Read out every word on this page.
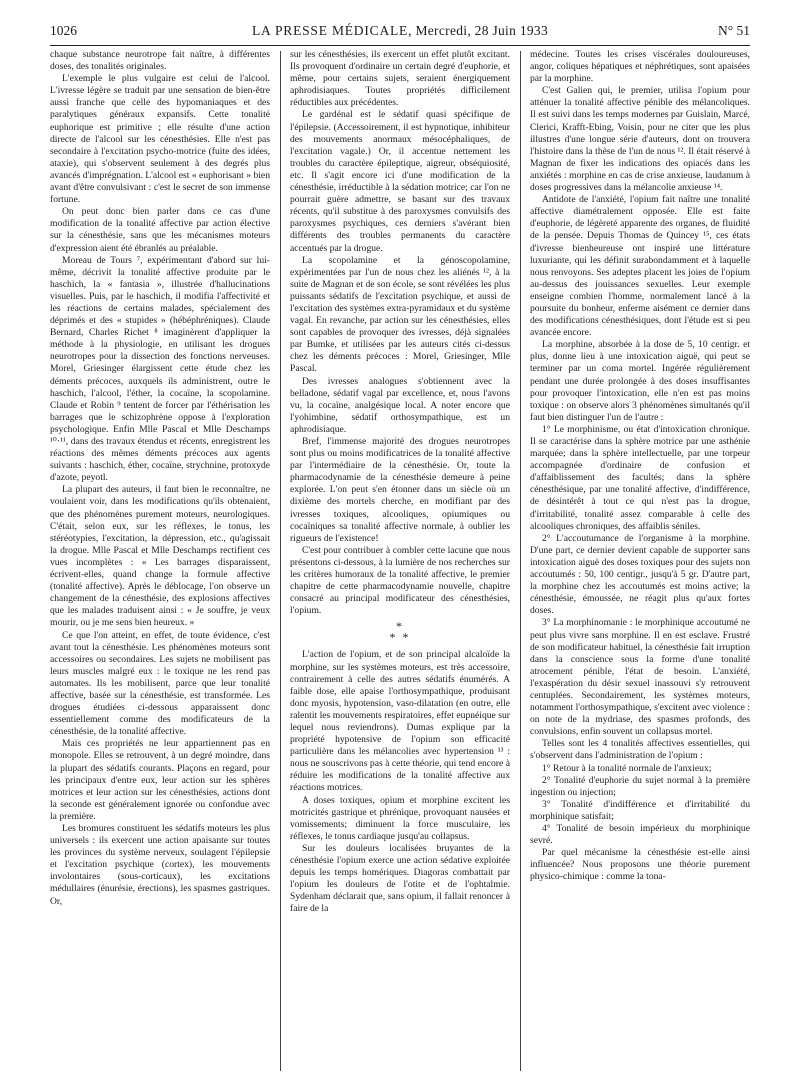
1026	LA PRESSE MÉDICALE, Mercredi, 28 Juin 1933	N° 51

chaque substance neurotrope fait naître, à différentes doses, des tonalités originales.

L'exemple le plus vulgaire est celui de l'alcool. L'ivresse légère se traduit par une sensation de bien-être aussi franche que celle des hypomaniaques et des paralytiques généraux expansifs. Cette tonalité euphorique est primitive ; elle résulte d'une action directe de l'alcool sur les cénesthésies. Elle n'est pas secondaire à l'excitation psycho-motrice (fuite des idées, ataxie), qui s'observent seulement à des degrés plus avancés d'imprégnation. L'alcool est « euphorisant » bien avant d'être convulsivant : c'est le secret de son immense fortune.

On peut donc bien parler dans ce cas d'une modification de la tonalité affective par action élective sur la cénesthésie, sans que les mécanismes moteurs d'expression aient été ébranlés au préalable.

Moreau de Tours ⁷, expérimentant d'abord sur lui-même, décrivit la tonalité affective produite par le haschich, la « fantasia », illustrée d'hallucinations visuelles. Puis, par le haschich, il modifia l'affectivité et les réactions de certains malades, spécialement des déprimés et des « stupides » (hébéphréniques). Claude Bernard, Charles Richet ⁸ imaginèrent d'appliquer la méthode à la physiologie, en utilisant les drogues neurotropes pour la dissection des fonctions nerveuses. Morel, Griesinger élargissent cette étude chez les déments précoces, auxquels ils administrent, outre le haschich, l'alcool, l'éther, la cocaïne, la scopolamine. Claude et Robin ⁹ tentent de forcer par l'éthérisation les barrages que le schizophrène oppose à l'exploration psychologique. Enfin Mlle Pascal et Mlle Deschamps ¹⁰⋅¹¹, dans des travaux étendus et récents, enregistrent les réactions des mêmes déments précoces aux agents suivants : haschich, éther, cocaïne, strychnine, protoxyde d'azote, peyotl.

La plupart des auteurs, il faut bien le reconnaître, ne voulaient voir, dans les modifications qu'ils obtenaient, que des phénomènes purement moteurs, neurologiques. C'était, selon eux, sur les réflexes, le tonus, les stéréotypies, l'excitation, la dépression, etc., qu'agissait la drogue. Mlle Pascal et Mlle Deschamps rectifient ces vues incomplètes : « Les barrages disparaissent, écrivent-elles, quand change la formule affective (tonalité affective). Après le déblocage, l'on observe un changement de la cénesthésie, des explosions affectives que les malades traduisent ainsi : « Je souffre, je veux mourir, ou je me sens bien heureux. »

Ce que l'on atteint, en effet, de toute évidence, c'est avant tout la cénesthésie. Les phénomènes moteurs sont accessoires ou secondaires. Les sujets ne mobilisent pas leurs muscles malgré eux : le toxique ne les rend pas automates. Ils les mobilisent, parce que leur tonalité affective, basée sur la cénesthésie, est transformée. Les drogues étudiées ci-dessous apparaissent donc essentiellement comme des modificateurs de la cénesthésie, de la tonalité affective.

Mais ces propriétés ne leur appartiennent pas en monopole. Elles se retrouvent, à un degré moindre, dans la plupart des sédatifs courants. Plaçons en regard, pour les principaux d'entre eux, leur action sur les sphères motrices et leur action sur les cénesthésies, actions dont la seconde est généralement ignorée ou confondue avec la première.

Les bromures constituent les sédatifs moteurs les plus universels : ils exercent une action apaisante sur toutes les provinces du système nerveux, soulagent l'épilepsie et l'excitation psychique (cortex), les mouvements involontaires (sous-corticaux), les excitations médullaires (énurésie, érections), les spasmes gastriques. Or,

sur les cénesthésies, ils exercent un effet plutôt excitant. Ils provoquent d'ordinaire un certain degré d'euphorie, et même, pour certains sujets, seraient énergiquement aphrodisiaques. Toutes propriétés difficilement réductibles aux précédentes.

Le gardénal est le sédatif quasi spécifique de l'épilepsie. (Accessoirement, il est hypnotique, inhibiteur des mouvements anormaux mésocéphaliques, de l'excitation vagale.) Or, il accentue nettement les troubles du caractère épileptique, aigreur, obséquiosité, etc. Il s'agit encore ici d'une modification de la cénesthésie, irréductible à la sédation motrice; car l'on ne pourrait guère admettre, se basant sur des travaux récents, qu'il substitue à des paroxysmes convulsifs des paroxysmes psychiques, ces derniers s'avérant bien différents des troubles permanents du caractère accentués par la drogue.

La scopolamine et la génoscopolamine, expérimentées par l'un de nous chez les aliénés ¹², à la suite de Magnan et de son école, se sont révélées les plus puissants sédatifs de l'excitation psychique, et aussi de l'excitation des systèmes extra-pyramidaux et du système vagal. En revanche, par action sur les cénesthésies, elles sont capables de provoquer des ivresses, déjà signalées par Bumke, et utilisées par les auteurs cités ci-dessus chez les déments précoces : Morel, Griesinger, Mlle Pascal.

Des ivresses analogues s'obtiennent avec la belladone, sédatif vagal par excellence, et, nous l'avons vu, la cocaïne, analgésique local. A noter encore que l'yohimbine, sédatif orthosympathique, est un aphrodisiaque.

Bref, l'immense majorité des drogues neurotropes sont plus ou moins modificatrices de la tonalité affective par l'intermédiaire de la cénesthésie. Or, toute la pharmacodynamie de la cénesthésie demeure à peine explorée. L'on peut s'en étonner dans un siècle où un dixième des mortels cherche, en modifiant par des ivresses toxiques, alcooliques, opiumiques ou cocaïniques sa tonalité affective normale, à oublier les rigueurs de l'existence!

C'est pour contribuer à combler cette lacune que nous présentons ci-dessous, à la lumière de nos recherches sur les critères humoraux de la tonalité affective, le premier chapitre de cette pharmacodynamie nouvelle, chapitre consacré au principal modificateur des cénesthésies, l'opium.

*
* *

L'action de l'opium, et de son principal alcaloïde la morphine, sur les systèmes moteurs, est très accessoire, contrairement à celle des autres sédatifs énumérés. A faible dose, elle apaise l'orthosympathique, produisant donc myosis, hypotension, vaso-dilatation (en outre, elle ralentit les mouvements respiratoires, effet eupnéique sur lequel nous reviendrons). Dumas explique par la propriété hypotensive de l'opium son efficacité particulière dans les mélancolies avec hypertension ¹³ : nous ne souscrivons pas à cette théorie, qui tend encore à réduire les modifications de la tonalité affective aux réactions motrices.

A doses toxiques, opium et morphine excitent les motricités gastrique et phrénique, provoquant nausées et vomissements; diminuent la force musculaire, les réflexes, le tonus cardiaque jusqu'au collapsus.

Sur les douleurs localisées bruyantes de la cénesthésie l'opium exerce une action sédative exploitée depuis les temps homériques. Diagoras combattait par l'opium les douleurs de l'otite et de l'ophtalmie. Sydenham déclarait que, sans opium, il fallait renoncer à faire de la

médecine. Toutes les crises viscérales douloureuses, angor, coliques hépatiques et néphrétiques, sont apaisées par la morphine.

C'est Galien qui, le premier, utilisa l'opium pour atténuer la tonalité affective pénible des mélancoliques. Il est suivi dans les temps modernes par Guislain, Marcé, Clerici, Krafft-Ebing, Voisin, pour ne citer que les plus illustres d'une longue série d'auteurs, dont on trouvera l'histoire dans la thèse de l'un de nous ¹². Il était réservé à Magnan de fixer les indications des opiacés dans les anxiétés : morphine en cas de crise anxieuse, laudanum à doses progressives dans la mélancolie anxieuse ¹⁴.

Antidote de l'anxiété, l'opium fait naître une tonalité affective diamétralement opposée. Elle est faite d'euphorie, de légèreté apparente des organes, de fluidité de la pensée. Depuis Thomas de Quincey ¹⁵, ces états d'ivresse bienheureuse ont inspiré une littérature luxuriante, qui les définit surabondamment et à laquelle nous renvoyons. Ses adeptes placent les joies de l'opium au-dessus des jouissances sexuelles. Leur exemple enseigne combien l'homme, normalement lancé à la poursuite du bonheur, enferme aisément ce dernier dans des modifications cénesthésiques, dont l'étude est si peu avancée encore.

La morphine, absorbée à la dose de 5, 10 centigr. et plus, donne lieu à une intoxication aiguë, qui peut se terminer par un coma mortel. Ingérée régulièrement pendant une durée prolongée à des doses insuffisantes pour provoquer l'intoxication, elle n'en est pas moins toxique : on observe alors 3 phénomènes simultanés qu'il faut bien distinguer l'un de l'autre :

1° Le morphinisme, ou état d'intoxication chronique. Il se caractérise dans la sphère motrice par une asthénie marquée; dans la sphère intellectuelle, par une torpeur accompagnée d'ordinaire de confusion et d'affaiblissement des facultés; dans la sphère cénesthésique, par une tonalité affective, d'indifférence, de désintérêt à tout ce qui n'est pas la drogue, d'irritabilité, tonalité assez comparable à celle des alcooliques chroniques, des affaiblis séniles.

2° L'accoutumance de l'organisme à la morphine. D'une part, ce dernier devient capable de supporter sans intoxication aiguë des doses toxiques pour des sujets non accoutumés : 50, 100 centigr., jusqu'à 5 gr. D'autre part, la morphine chez les accoutumés est moins active; la cénesthésie, émoussée, ne réagit plus qu'aux fortes doses.

3° La morphinomanie : le morphinique accoutumé ne peut plus vivre sans morphine. Il en est esclave. Frustré de son modificateur habituel, la cénesthésie fait irruption dans la conscience sous la forme d'une tonalité atrocement pénible, l'état de besoin. L'anxiété, l'exaspération du désir sexuel inassouvi s'y retrouvent centuplées. Secondairement, les systèmes moteurs, notamment l'orthosympathique, s'excitent avec violence : on note de la mydriase, des spasmes profonds, des convulsions, enfin souvent un collapsus mortel.

Telles sont les 4 tonalités affectives essentielles, qui s'observent dans l'administration de l'opium :

1° Retour à la tonalité normale de l'anxieux;

2° Tonalité d'euphorie du sujet normal à la première ingestion ou injection;

3° Tonalité d'indifférence et d'irritabilité du morphinique satisfait;

4° Tonalité de besoin impérieux du morphinique sevré.

Par quel mécanisme la cénesthésie est-elle ainsi influencée? Nous proposons une théorie purement physico-chimique : comme la tona-
